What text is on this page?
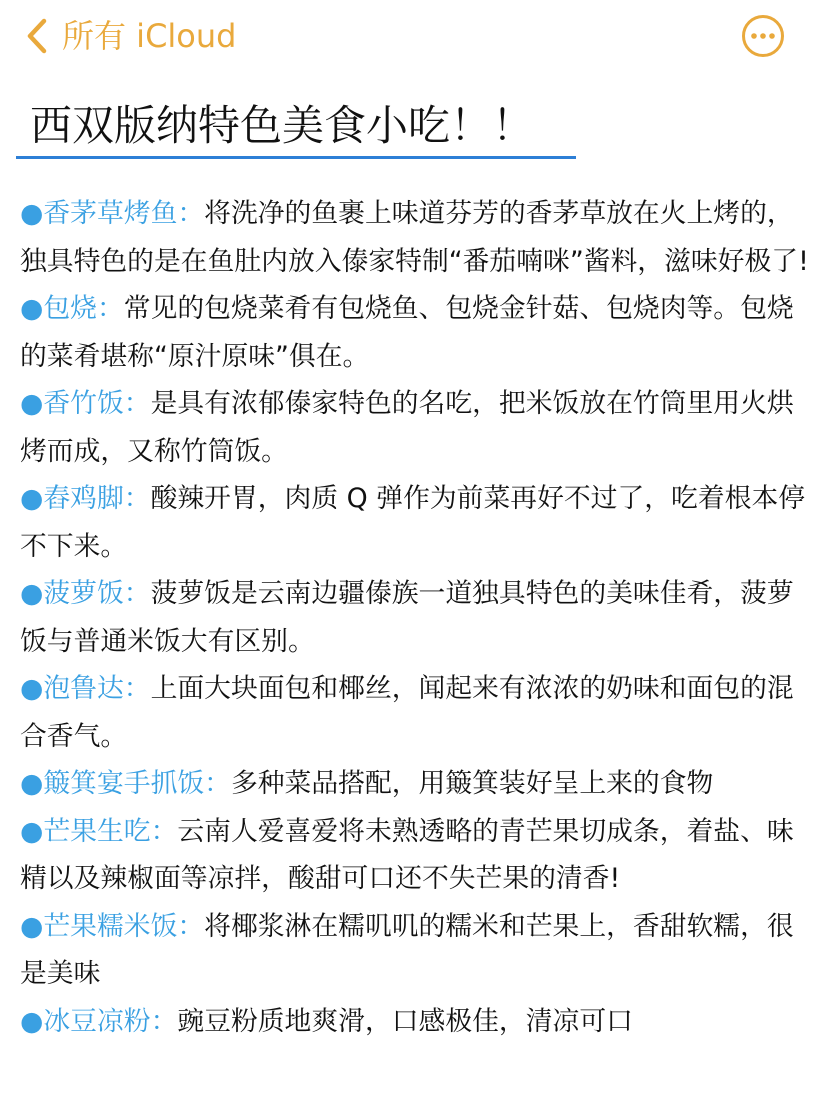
所有 iCloud
西双版纳特色美食小吃！！

●香茅草烤鱼：将洗净的鱼裹上味道芬芳的香茅草放在火上烤的，独具特色的是在鱼肚内放入傣家特制“番茄喃咪”酱料，滋味好极了!

●包烧：常见的包烧菜肴有包烧鱼、包烧金针菇、包烧肉等。包烧的菜肴堪称“原汁原味”俱在。

●香竹饭：是具有浓郁傣家特色的名吃，把米饭放在竹筒里用火烘烤而成，又称竹筒饭。

●舂鸡脚：酸辣开胃，肉质 Q 弹作为前菜再好不过了，吃着根本停不下来。

●菠萝饭：菠萝饭是云南边疆傣族一道独具特色的美味佳肴，菠萝饭与普通米饭大有区别。

●泡鲁达：上面大块面包和椰丝，闻起来有浓浓的奶味和面包的混合香气。

●簸箕宴手抓饭：多种菜品搭配，用簸箕装好呈上来的食物

●芒果生吃：云南人爱喜爱将未熟透略的青芒果切成条，着盐、味精以及辣椒面等凉拌，酸甜可口还不失芒果的清香!

●芒果糯米饭：将椰浆淋在糯叽叽的糯米和芒果上，香甜软糯，很是美味

●冰豆凉粉：豌豆粉质地爽滑，口感极佳，清凉可口
